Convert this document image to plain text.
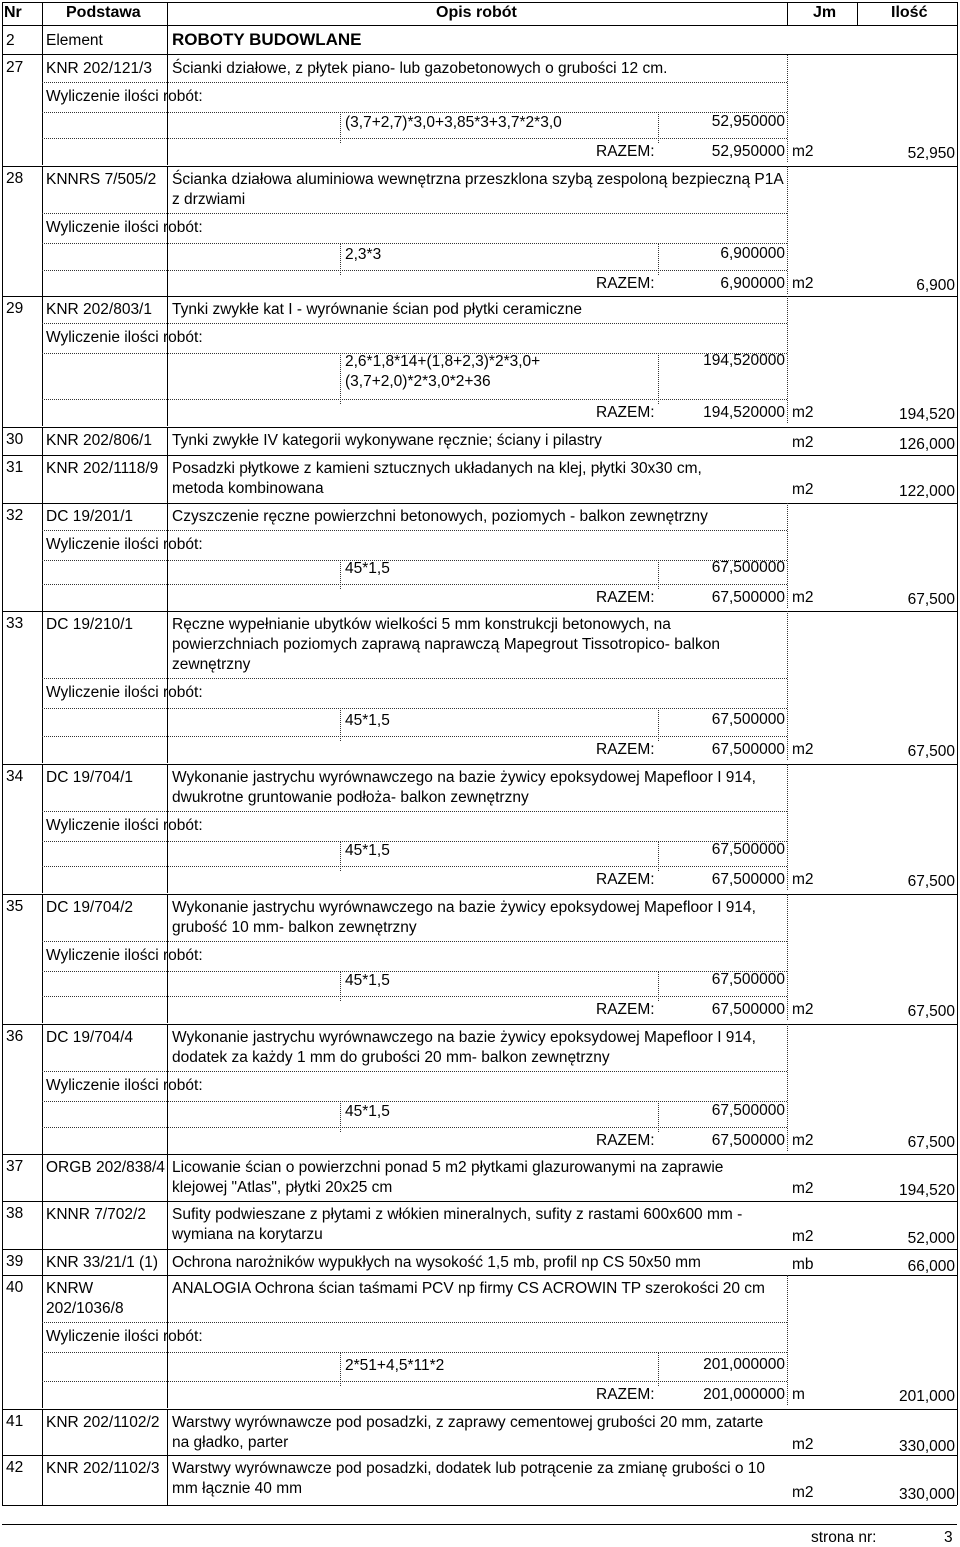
Nr	Podstawa	Opis robót	Jm	Ilość
2 Element	ROBOTY BUDOWLANE
27 KNR 202/121/3	Ścianki działowe, z płytek piano- lub gazobetonowych o grubości 12 cm.
Wyliczenie ilości robót:
(3,7+2,7)*3,0+3,85*3+3,7*2*3,0	52,950000
RAZEM:	52,950000 m2	52,950
28 KNNRS 7/505/2	Ścianka działowa aluminiowa wewnętrzna przeszklona szybą zespoloną bezpieczną P1A z drzwiami
Wyliczenie ilości robót:
2,3*3	6,900000
RAZEM:	6,900000 m2	6,900
29 KNR 202/803/1	Tynki zwykłe kat I - wyrównanie ścian pod płytki ceramiczne
Wyliczenie ilości robót:
2,6*1,8*14+(1,8+2,3)*2*3,0+(3,7+2,0)*2*3,0*2+36
194,520000
RAZEM:	194,520000 m2	194,520
30 KNR 202/806/1	Tynki zwykłe IV kategorii wykonywane ręcznie; ściany i pilastry	m2	126,000
31 KNR 202/1118/9 Posadzki płytkowe z kamieni sztucznych układanych na klej, płytki 30x30 cm, metoda kombinowana	m2	122,000
32 DC 19/201/1	Czyszczenie ręczne powierzchni betonowych, poziomych - balkon zewnętrzny
Wyliczenie ilości robót:
45*1,5	67,500000
RAZEM:	67,500000 m2	67,500
33 DC 19/210/1	Ręczne wypełnianie ubytków wielkości 5 mm konstrukcji betonowych, na powierzchniach poziomych zaprawą naprawczą Mapegrout Tissotropico- balkon zewnętrzny
Wyliczenie ilości robót:
45*1,5	67,500000
RAZEM:	67,500000 m2	67,500
34 DC 19/704/1	Wykonanie jastrychu wyrównawczego na bazie żywicy epoksydowej Mapefloor I 914, dwukrotne gruntowanie podłoża- balkon zewnętrzny
Wyliczenie ilości robót:
45*1,5	67,500000
RAZEM:	67,500000 m2	67,500
35 DC 19/704/2	Wykonanie jastrychu wyrównawczego na bazie żywicy epoksydowej Mapefloor I 914, grubość 10 mm- balkon zewnętrzny
Wyliczenie ilości robót:
45*1,5	67,500000
RAZEM:	67,500000 m2	67,500
36 DC 19/704/4	Wykonanie jastrychu wyrównawczego na bazie żywicy epoksydowej Mapefloor I 914, dodatek za każdy 1 mm do grubości 20 mm- balkon zewnętrzny
Wyliczenie ilości robót:
45*1,5	67,500000
RAZEM:	67,500000 m2	67,500
37 ORGB 202/838/4 Licowanie ścian o powierzchni ponad 5 m2 płytkami glazurowanymi na zaprawie klejowej "Atlas", płytki 20x25 cm	m2	194,520
38 KNNR 7/702/2	Sufity podwieszane z płytami z włókien mineralnych, sufity z rastami 600x600 mm - wymiana na korytarzu	m2	52,000
39 KNR 33/21/1 (1) Ochrona narożników wypukłych na wysokość 1,5 mb, profil np CS 50x50 mm	mb	66,000
40 KNRW 202/1036/8
ANALOGIA Ochrona ścian taśmami PCV np firmy CS ACROWIN TP szerokości 20 cm
Wyliczenie ilości robót:
2*51+4,5*11*2	201,000000
RAZEM:	201,000000 m	201,000
41 KNR 202/1102/2 Warstwy wyrównawcze pod posadzki, z zaprawy cementowej grubości 20 mm, zatarte na gładko, parter	m2	330,000
42 KNR 202/1102/3 Warstwy wyrównawcze pod posadzki, dodatek lub potrącenie za zmianę grubości o 10 mm łącznie 40 mm	m2	330,000
strona nr:	3
